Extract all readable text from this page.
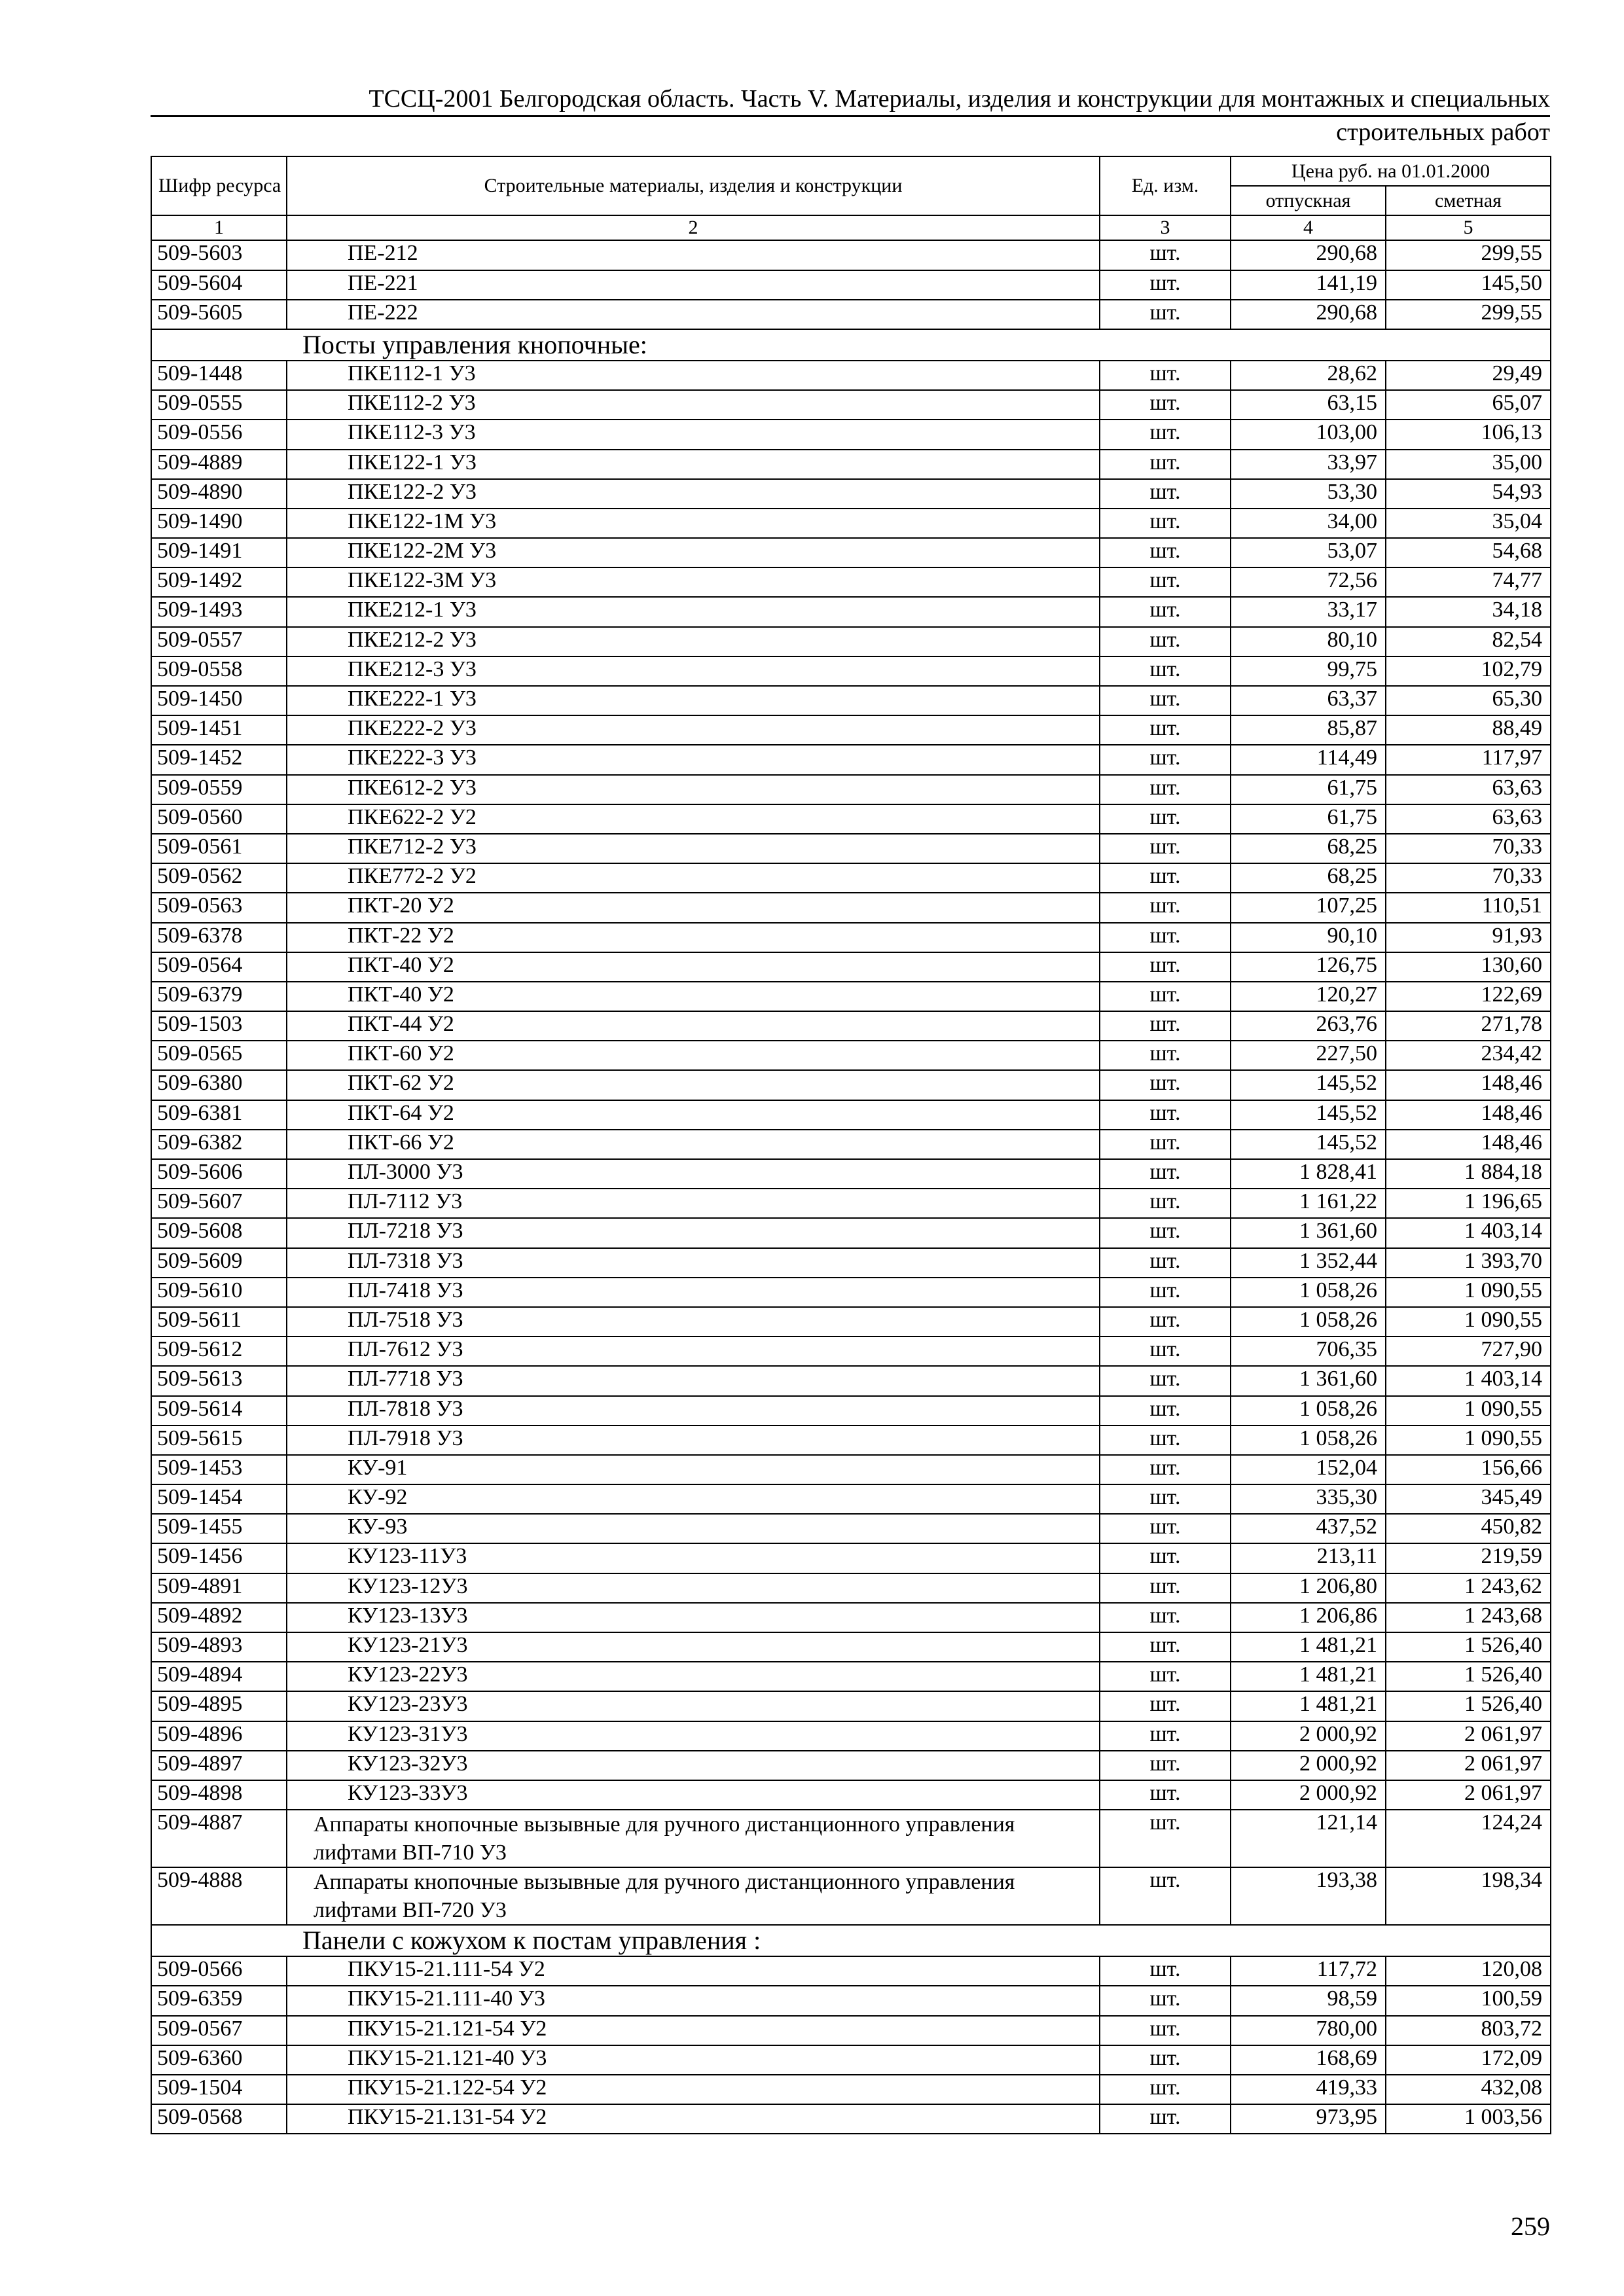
ТССЦ-2001 Белгородская область. Часть V. Материалы, изделия и конструкции для монтажных и специальных
строительных работ
Шифр ресурса	Строительные материалы, изделия и конструкции	Ед. изм.	Цена руб. на 01.01.2000	
			отпускная	сметная
1	2	3	4	5
509-5603	ПЕ-212	шт.	290,68	299,55
509-5604	ПЕ-221	шт.	141,19	145,50
509-5605	ПЕ-222	шт.	290,68	299,55
Посты управления кнопочные:				
509-1448	ПКЕ112-1 У3	шт.	28,62	29,49
509-0555	ПКЕ112-2 У3	шт.	63,15	65,07
509-0556	ПКЕ112-3 У3	шт.	103,00	106,13
509-4889	ПКЕ122-1 У3	шт.	33,97	35,00
509-4890	ПКЕ122-2 У3	шт.	53,30	54,93
509-1490	ПКЕ122-1М У3	шт.	34,00	35,04
509-1491	ПКЕ122-2М У3	шт.	53,07	54,68
509-1492	ПКЕ122-3М У3	шт.	72,56	74,77
509-1493	ПКЕ212-1 У3	шт.	33,17	34,18
509-0557	ПКЕ212-2 У3	шт.	80,10	82,54
509-0558	ПКЕ212-3 У3	шт.	99,75	102,79
509-1450	ПКЕ222-1 У3	шт.	63,37	65,30
509-1451	ПКЕ222-2 У3	шт.	85,87	88,49
509-1452	ПКЕ222-3 У3	шт.	114,49	117,97
509-0559	ПКЕ612-2 У3	шт.	61,75	63,63
509-0560	ПКЕ622-2 У2	шт.	61,75	63,63
509-0561	ПКЕ712-2 У3	шт.	68,25	70,33
509-0562	ПКЕ772-2 У2	шт.	68,25	70,33
509-0563	ПКТ-20 У2	шт.	107,25	110,51
509-6378	ПКТ-22 У2	шт.	90,10	91,93
509-0564	ПКТ-40 У2	шт.	126,75	130,60
509-6379	ПКТ-40 У2	шт.	120,27	122,69
509-1503	ПКТ-44 У2	шт.	263,76	271,78
509-0565	ПКТ-60 У2	шт.	227,50	234,42
509-6380	ПКТ-62 У2	шт.	145,52	148,46
509-6381	ПКТ-64 У2	шт.	145,52	148,46
509-6382	ПКТ-66 У2	шт.	145,52	148,46
509-5606	ПЛ-3000 У3	шт.	1 828,41	1 884,18
509-5607	ПЛ-7112 У3	шт.	1 161,22	1 196,65
509-5608	ПЛ-7218 У3	шт.	1 361,60	1 403,14
509-5609	ПЛ-7318 У3	шт.	1 352,44	1 393,70
509-5610	ПЛ-7418 У3	шт.	1 058,26	1 090,55
509-5611	ПЛ-7518 У3	шт.	1 058,26	1 090,55
509-5612	ПЛ-7612 У3	шт.	706,35	727,90
509-5613	ПЛ-7718 У3	шт.	1 361,60	1 403,14
509-5614	ПЛ-7818 У3	шт.	1 058,26	1 090,55
509-5615	ПЛ-7918 У3	шт.	1 058,26	1 090,55
509-1453	КУ-91	шт.	152,04	156,66
509-1454	КУ-92	шт.	335,30	345,49
509-1455	КУ-93	шт.	437,52	450,82
509-1456	КУ123-11У3	шт.	213,11	219,59
509-4891	КУ123-12У3	шт.	1 206,80	1 243,62
509-4892	КУ123-13У3	шт.	1 206,86	1 243,68
509-4893	КУ123-21У3	шт.	1 481,21	1 526,40
509-4894	КУ123-22У3	шт.	1 481,21	1 526,40
509-4895	КУ123-23У3	шт.	1 481,21	1 526,40
509-4896	КУ123-31У3	шт.	2 000,92	2 061,97
509-4897	КУ123-32У3	шт.	2 000,92	2 061,97
509-4898	КУ123-33У3	шт.	2 000,92	2 061,97
509-4887	Аппараты кнопочные вызывные для ручного дистанционного управления лифтами ВП-710 У3	шт.	121,14	124,24
509-4888	Аппараты кнопочные вызывные для ручного дистанционного управления лифтами ВП-720 У3	шт.	193,38	198,34
Панели с кожухом к постам управления :				
509-0566	ПКУ15-21.111-54 У2	шт.	117,72	120,08
509-6359	ПКУ15-21.111-40 У3	шт.	98,59	100,59
509-0567	ПКУ15-21.121-54 У2	шт.	780,00	803,72
509-6360	ПКУ15-21.121-40 У3	шт.	168,69	172,09
509-1504	ПКУ15-21.122-54 У2	шт.	419,33	432,08
509-0568	ПКУ15-21.131-54 У2	шт.	973,95	1 003,56
259
